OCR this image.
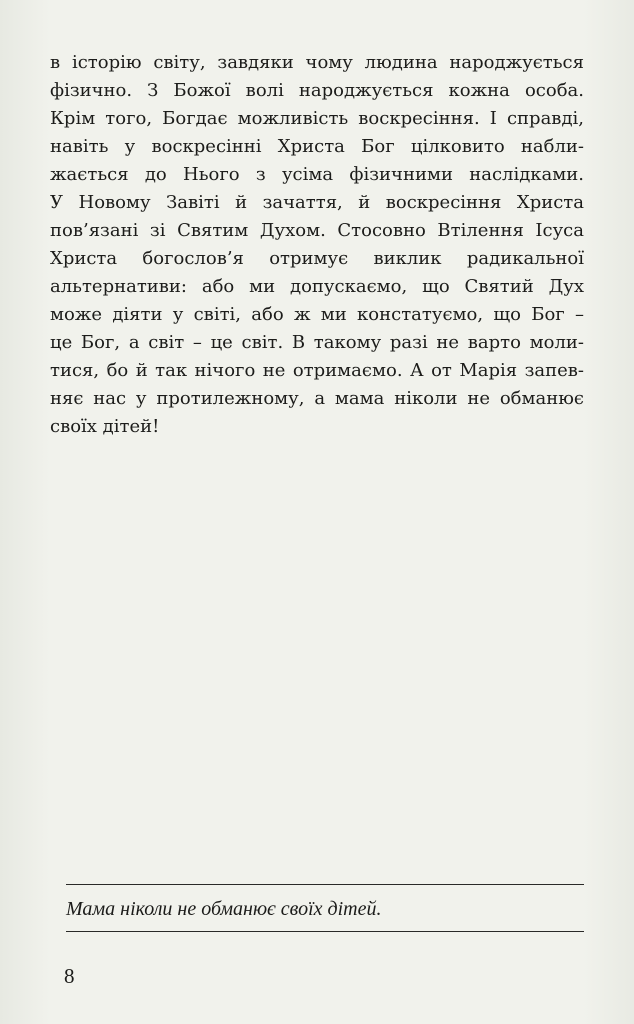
в історію світу, завдяки чому людина народжується
фізично. З Божої волі народжується кожна особа.
Крім того, Богдає можливість воскресіння. І справді,
навіть у воскресінні Христа Бог цілковито набли-
жається до Нього з усіма фізичними наслідками.
У Новому Завіті й зачаття, й воскресіння Христа
пов’язані зі Святим Духом. Стосовно Втілення Ісуса
Христа богослов’я отримує виклик радикальної
альтернативи: або ми допускаємо, що Святий Дух
може діяти у світі, або ж ми констатуємо, що Бог –
це Бог, а світ – це світ. В такому разі не варто моли-
тися, бо й так нічого не отримаємо. А от Марія запев-
няє нас у протилежному, а мама ніколи не обманює
своїх дітей!

Мама ніколи не обманює своїх дітей.

8
